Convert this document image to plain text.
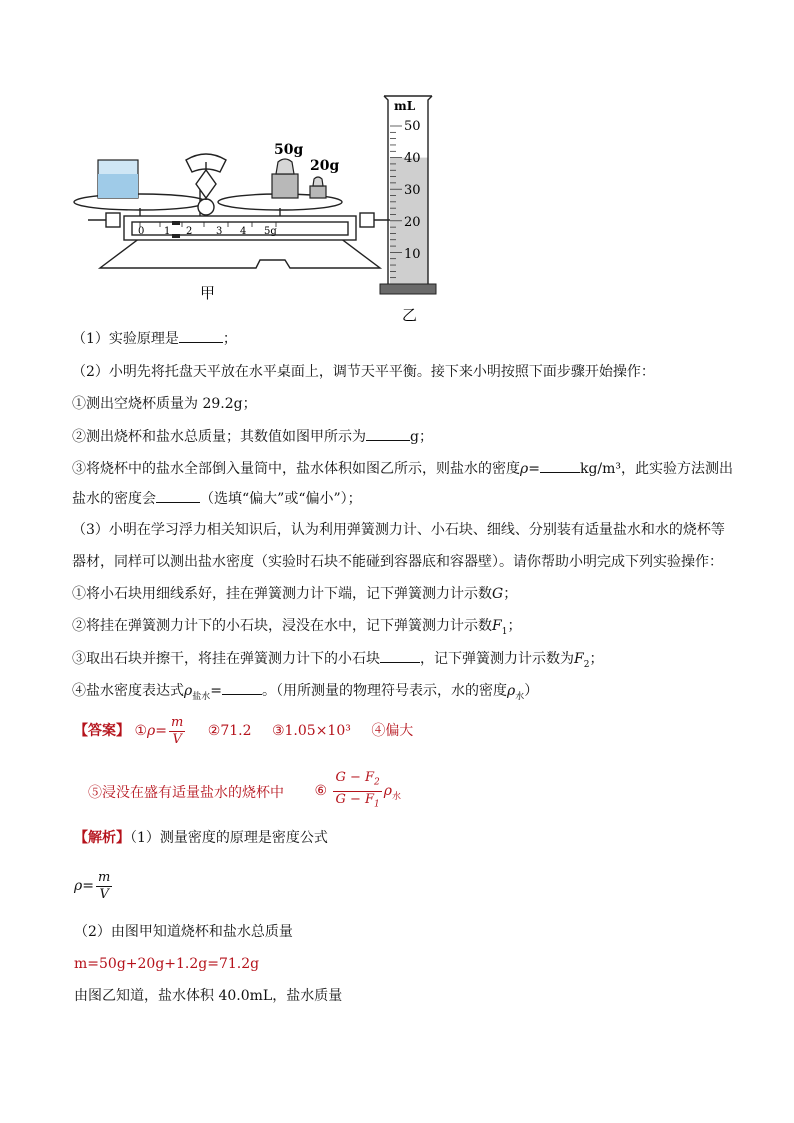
50g
20g
0 1 2 3 4 5g
甲
mL
50
40
30
20
10
乙
（1）实验原理是	；
（2）小明先将托盘天平放在水平桌面上，调节天平平衡。接下来小明按照下面步骤开始操作：
①测出空烧杯质量为 29.2g；
②测出烧杯和盐水总质量；其数值如图甲所示为	g；
③将烧杯中的盐水全部倒入量筒中，盐水体积如图乙所示，则盐水的密度ρ=	kg/m³，此实验方法测出
盐水的密度会	（选填“偏大”或“偏小”）；
（3）小明在学习浮力相关知识后，认为利用弹簧测力计、小石块、细线、分别装有适量盐水和水的烧杯等
器材，同样可以测出盐水密度（实验时石块不能碰到容器底和容器壁）。请你帮助小明完成下列实验操作：
①将小石块用细线系好，挂在弹簧测力计下端，记下弹簧测力计示数G；
②将挂在弹簧测力计下的小石块，浸没在水中，记下弹簧测力计示数$F_1$；
③取出石块并擦干，将挂在弹簧测力计下的小石块	，记下弹簧测力计示数为$F_2$；
④盐水密度表达式$\rho_{盐水}=$	。（用所测量的物理符号表示，水的密度$\rho_水$）
【答案】 ①ρ= $\frac{m}{V}$ ②71.2 ③1.05×10³ ④偏大
⑤浸没在盛有适量盐水的烧杯中 ⑥ $\frac{G - F_2}{G - F_1} \rho_水$
【解析】（1）测量密度的原理是密度公式
$\rho= \frac{m}{V}$
（2）由图甲知道烧杯和盐水总质量
m=50g+20g+1.2g=71.2g
由图乙知道，盐水体积 40.0mL，盐水质量
